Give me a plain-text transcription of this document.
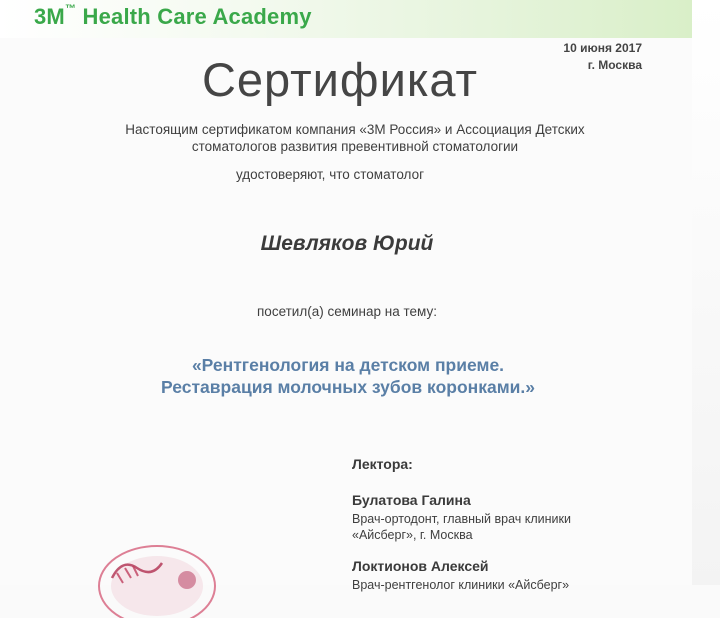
3M™ Health Care Academy
10 июня 2017
г. Москва
Сертификат
Настоящим сертификатом компания «3М Россия» и Ассоциация Детских
стоматологов развития превентивной стоматологии
удостоверяют, что стоматолог
Шевляков Юрий
посетил(а) семинар на тему:
«Рентгенология на детском приеме.
Реставрация молочных зубов коронками.»
Лектора:
Булатова Галина
Врач-ортодонт, главный врач клиники
«Айсберг», г. Москва
Локтионов Алексей
Врач-рентгенолог клиники «Айсберг»
